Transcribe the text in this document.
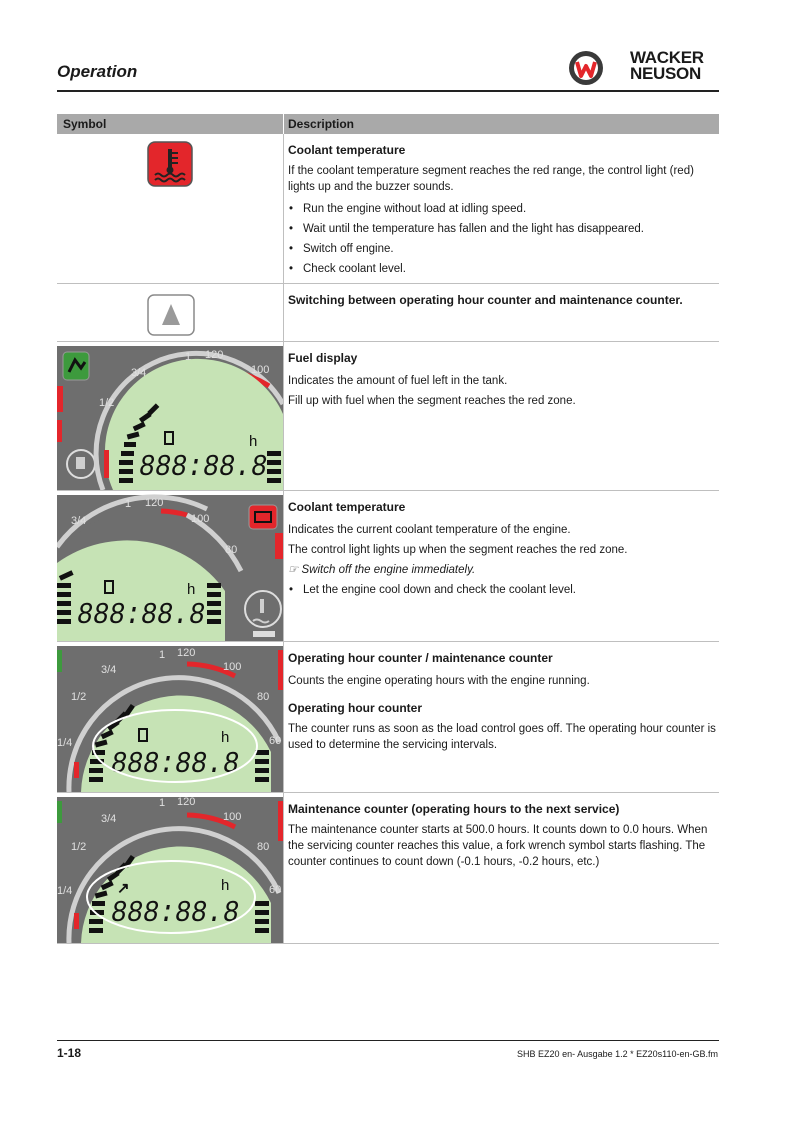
Operation
WACKER
NEUSON
Symbol	Description
Coolant temperature

If the coolant temperature segment reaches the red range, the control light (red) lights up and the buzzer sounds.

• Run the engine without load at idling speed.

• Wait until the temperature has fallen and the light has disappeared.

• Switch off engine.

• Check coolant level.

Switching between operating hour counter and maintenance counter.
h
888:88.8
3/4
1 120
100
1/2
Fuel display

Indicates the amount of fuel left in the tank.

Fill up with fuel when the segment reaches the red zone.

h
888:88.8
3/4
1 120
100
80
Coolant temperature

Indicates the current coolant temperature of the engine.

The control light lights up when the segment reaches the red zone.

☞ Switch off the engine immediately.

• Let the engine cool down and check the coolant level.

h
888:88.8
3/4
1 120
100
1/2	80
1/4	60
Operating hour counter / maintenance counter

Counts the engine operating hours with the engine running.

Operating hour counter

The counter runs as soon as the load control goes off. The operating hour counter is used to determine the servicing intervals.

↗	h
888:88.8
3/4
1 120
100
1/2	80
1/4	60
Maintenance counter (operating hours to the next service)

The maintenance counter starts at 500.0 hours. It counts down to 0.0 hours. When the servicing counter reaches this value, a fork wrench symbol starts flashing. The counter continues to count down (-0.1 hours, -0.2 hours, etc.)

1-18	SHB EZ20 en- Ausgabe 1.2 * EZ20s110-en-GB.fm
